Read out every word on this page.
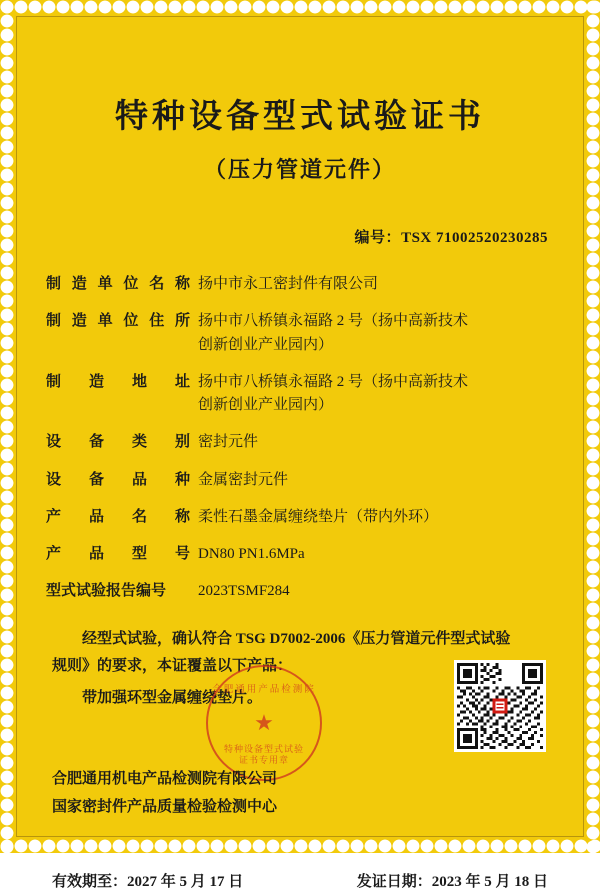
特种设备型式试验证书
（压力管道元件）
编号：TSX 71002520230285
制造单位名称 扬中市永工密封件有限公司
制造单位住所 扬中市八桥镇永福路 2 号（扬中高新技术
创新创业产业园内）
制造地址 扬中市八桥镇永福路 2 号（扬中高新技术
创新创业产业园内）
设备类别 密封元件
设备品种 金属密封元件
产品名称 柔性石墨金属缠绕垫片（带内外环）
产品型号 DN80 PN1.6MPa
型式试验报告编号	2023TSMF284
经型式试验，确认符合 TSG D7002-2006《压力管道元件型式试验
规则》的要求，本证覆盖以下产品：
带加强环型金属缠绕垫片。
合肥通用机电产品检测院有限公司
国家密封件产品质量检验检测中心
有效期至：2027 年 5 月 17 日	发证日期：2023 年 5 月 18 日
合肥通用产品检测院
★
特种设备型式试验
证书专用章
